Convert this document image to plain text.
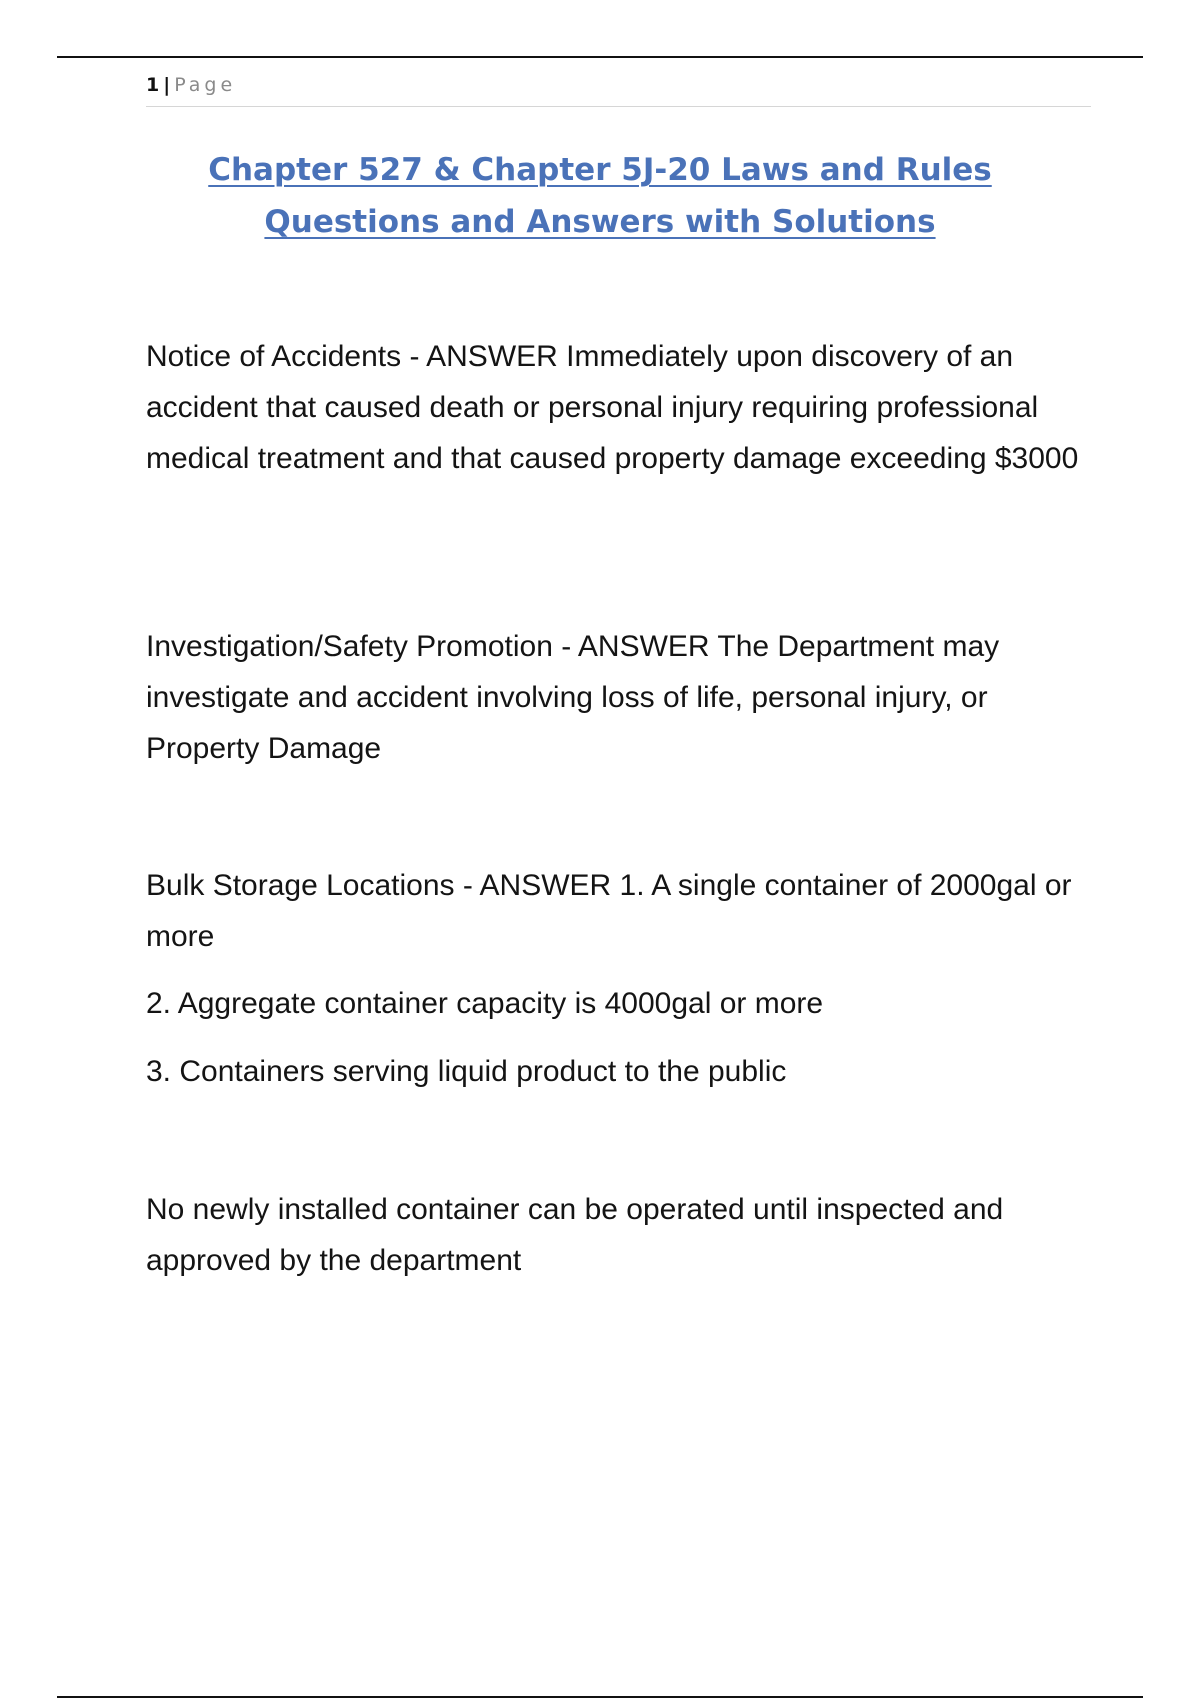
1 | Page
Chapter 527 & Chapter 5J-20 Laws and Rules
Questions and Answers with Solutions

Notice of Accidents - ANSWER Immediately upon discovery of an accident that caused death or personal injury requiring professional medical treatment and that caused property damage exceeding $3000

Investigation/Safety Promotion - ANSWER The Department may investigate and accident involving loss of life, personal injury, or Property Damage

Bulk Storage Locations - ANSWER 1. A single container of 2000gal or more

2. Aggregate container capacity is 4000gal or more

3. Containers serving liquid product to the public

No newly installed container can be operated until inspected and approved by the department
